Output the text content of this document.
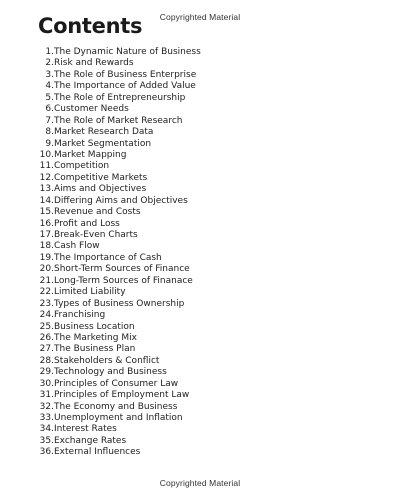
Copyrighted Material
Contents
1. The Dynamic Nature of Business
2. Risk and Rewards
3. The Role of Business Enterprise
4. The Importance of Added Value
5. The Role of Entrepreneurship
6. Customer Needs
7. The Role of Market Research
8. Market Research Data
9. Market Segmentation
10. Market Mapping
11. Competition
12. Competitive Markets
13. Aims and Objectives
14. Differing Aims and Objectives
15. Revenue and Costs
16. Profit and Loss
17. Break-Even Charts
18. Cash Flow
19. The Importance of Cash
20. Short-Term Sources of Finance
21. Long-Term Sources of Finanace
22. Limited Liability
23. Types of Business Ownership
24. Franchising
25. Business Location
26. The Marketing Mix
27. The Business Plan
28. Stakeholders & Conflict
29. Technology and Business
30. Principles of Consumer Law
31. Principles of Employment Law
32. The Economy and Business
33. Unemployment and Inflation
34. Interest Rates
35. Exchange Rates
36. External Influences
Copyrighted Material
